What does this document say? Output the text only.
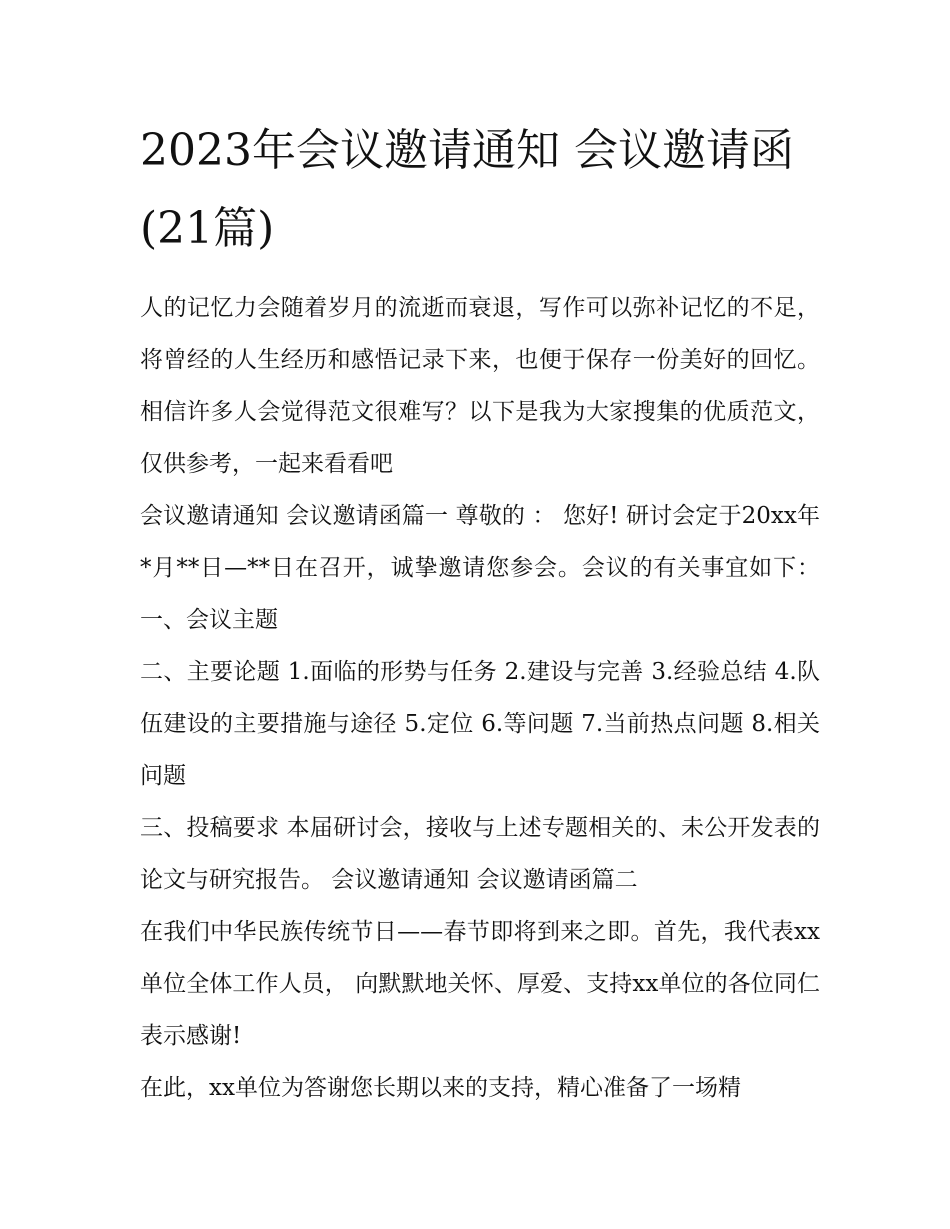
2023年会议邀请通知 会议邀请函(21篇)

人的记忆力会随着岁月的流逝而衰退，写作可以弥补记忆的不足，将曾经的人生经历和感悟记录下来，也便于保存一份美好的回忆。相信许多人会觉得范文很难写？以下是我为大家搜集的优质范文，仅供参考，一起来看看吧

会议邀请通知 会议邀请函篇一 尊敬的 ： 您好! 研讨会定于20xx年*月**日—**日在召开，诚挚邀请您参会。会议的有关事宜如下： 一、会议主题

二、主要论题 1.面临的形势与任务 2.建设与完善 3.经验总结 4.队伍建设的主要措施与途径 5.定位 6.等问题 7.当前热点问题 8.相关问题

三、投稿要求 本届研讨会，接收与上述专题相关的、未公开发表的论文与研究报告。 会议邀请通知 会议邀请函篇二

在我们中华民族传统节日——春节即将到来之即。首先，我代表xx单位全体工作人员， 向默默地关怀、厚爱、支持xx单位的各位同仁表示感谢!

在此，xx单位为答谢您长期以来的支持，精心准备了一场精
